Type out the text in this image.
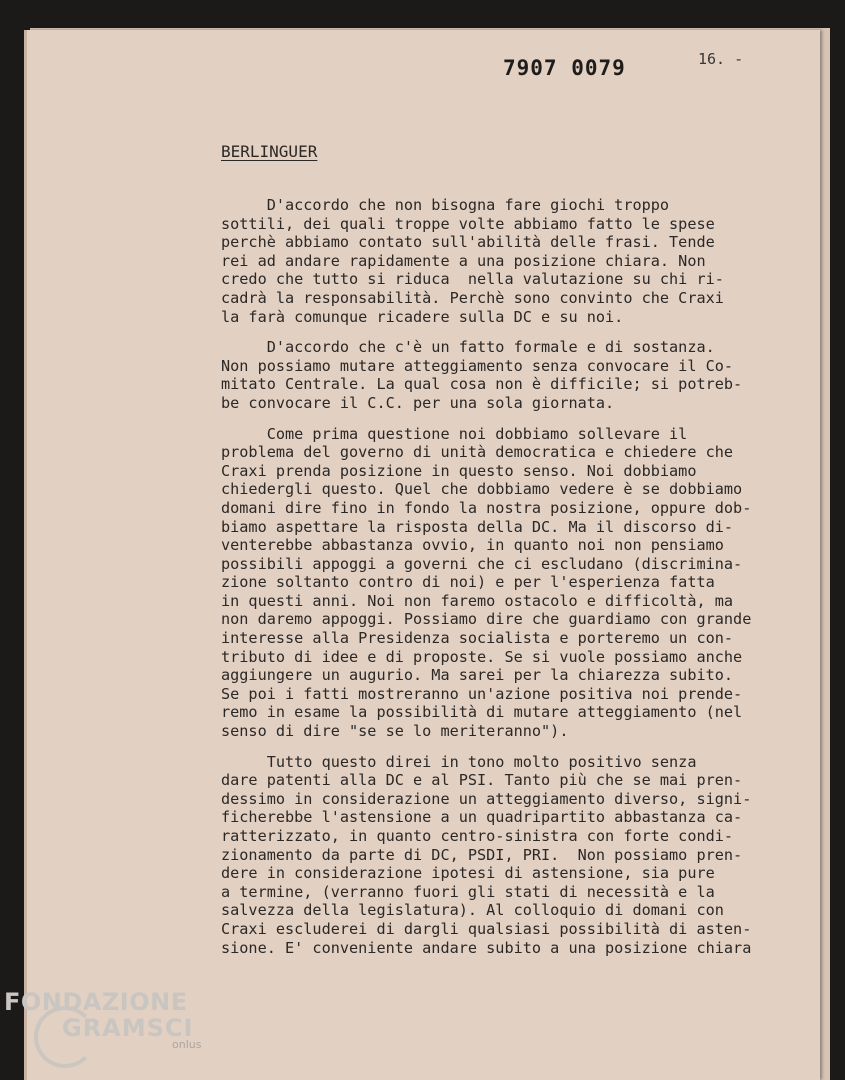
7907 0079	16. -
BERLINGUER

D'accordo che non bisogna fare giochi troppo
sottili, dei quali troppe volte abbiamo fatto le spese
perchè abbiamo contato sull'abilità delle frasi. Tende
rei ad andare rapidamente a una posizione chiara. Non
credo che tutto si riduca  nella valutazione su chi ri-
cadrà la responsabilità. Perchè sono convinto che Craxi
la farà comunque ricadere sulla DC e su noi.

D'accordo che c'è un fatto formale e di sostanza.
Non possiamo mutare atteggiamento senza convocare il Co-
mitato Centrale. La qual cosa non è difficile; si potreb-
be convocare il C.C. per una sola giornata.

Come prima questione noi dobbiamo sollevare il
problema del governo di unità democratica e chiedere che
Craxi prenda posizione in questo senso. Noi dobbiamo
chiedergli questo. Quel che dobbiamo vedere è se dobbiamo
domani dire fino in fondo la nostra posizione, oppure dob-
biamo aspettare la risposta della DC. Ma il discorso di-
venterebbe abbastanza ovvio, in quanto noi non pensiamo
possibili appoggi a governi che ci escludano (discrimina-
zione soltanto contro di noi) e per l'esperienza fatta
in questi anni. Noi non faremo ostacolo e difficoltà, ma
non daremo appoggi. Possiamo dire che guardiamo con grande
interesse alla Presidenza socialista e porteremo un con-
tributo di idee e di proposte. Se si vuole possiamo anche
aggiungere un augurio. Ma sarei per la chiarezza subito.
Se poi i fatti mostreranno un'azione positiva noi prende-
remo in esame la possibilità di mutare atteggiamento (nel
senso di dire "se se lo meriteranno").

Tutto questo direi in tono molto positivo senza
dare patenti alla DC e al PSI. Tanto più che se mai pren-
dessimo in considerazione un atteggiamento diverso, signi-
ficherebbe l'astensione a un quadripartito abbastanza ca-
ratterizzato, in quanto centro-sinistra con forte condi-
zionamento da parte di DC, PSDI, PRI.  Non possiamo pren-
dere in considerazione ipotesi di astensione, sia pure
a termine, (verranno fuori gli stati di necessità e la
salvezza della legislatura). Al colloquio di domani con
Craxi escluderei di dargli qualsiasi possibilità di asten-
sione. E' conveniente andare subito a una posizione chiara

FONDAZIONE
GRAMSCI
onlus
